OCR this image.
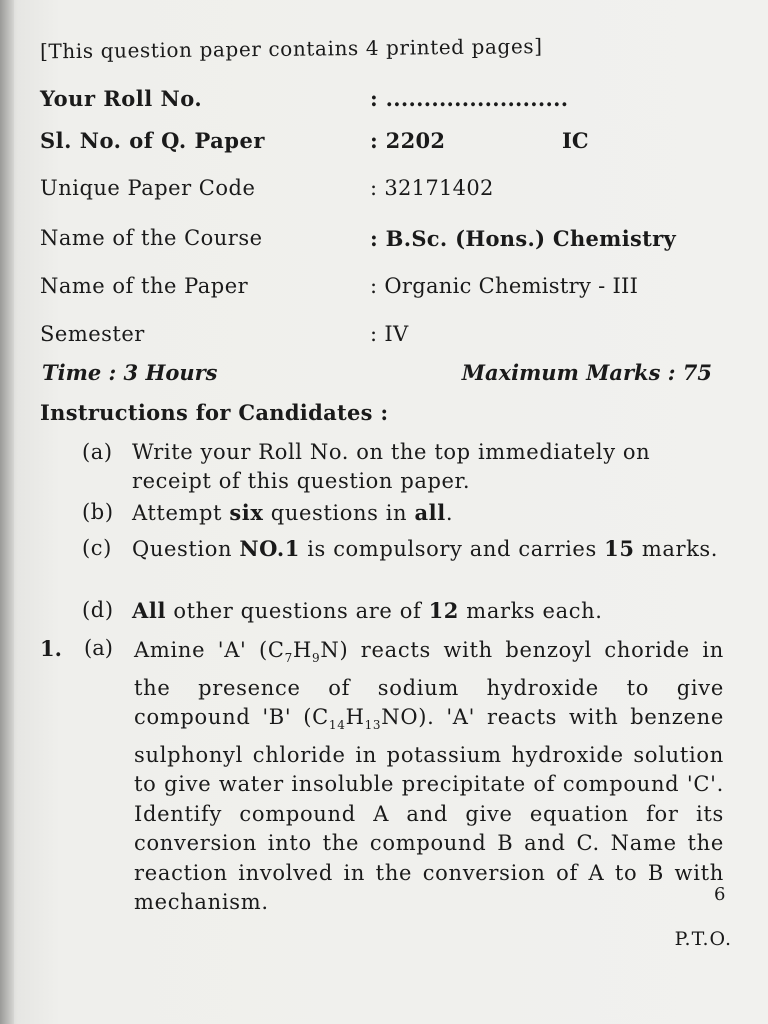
[This question paper contains 4 printed pages]
Your Roll No.	: ........................
Sl. No. of Q. Paper	: 2202	IC
Unique Paper Code	: 32171402
Name of the Course	: B.Sc. (Hons.) Chemistry
Name of the Paper	: Organic Chemistry - III
Semester	: IV
Time : 3 Hours	Maximum Marks : 75
Instructions for Candidates :
(a) Write your Roll No. on the top immediately on receipt of this question paper.
(b) Attempt six questions in all.
(c) Question NO.1 is compulsory and carries 15 marks.
(d) All other questions are of 12 marks each.
1. (a) Amine 'A' $(C_7H_9N)$ reacts with benzoyl choride in the presence of sodium hydroxide to give compound 'B' $(C_{14}H_{13}NO)$. 'A' reacts with benzene sulphonyl chloride in potassium hydroxide solution to give water insoluble precipitate of compound 'C'. Identify compound A and give equation for its conversion into the compound B and C. Name the reaction involved in the conversion of A to B with mechanism.	6
P.T.O.
